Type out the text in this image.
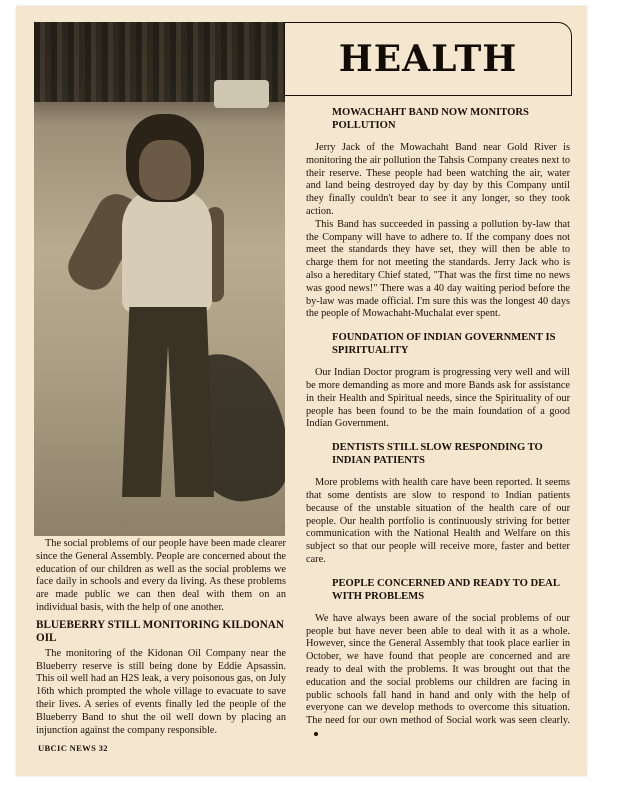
HEALTH
MOWACHAHT BAND NOW MONITORS POLLUTION

Jerry Jack of the Mowachaht Band near Gold River is monitoring the air pollution the Tahsis Company creates next to their reserve. These people had been watching the air, water and land being destroyed day by day by this Company until they finally couldn't bear to see it any longer, so they took action.

This Band has succeeded in passing a pollution by-law that the Company will have to adhere to. If the company does not meet the standards they have set, they will then be able to charge them for not meeting the standards. Jerry Jack who is also a hereditary Chief stated, "That was the first time no news was good news!" There was a 40 day waiting period before the by-law was made official. I'm sure this was the longest 40 days the people of Mowachaht-Muchalat ever spent.

FOUNDATION OF INDIAN GOVERNMENT IS SPIRITUALITY

Our Indian Doctor program is progressing very well and will be more demanding as more and more Bands ask for assistance in their Health and Spiritual needs, since the Spirituality of our people has been found to be the main foundation of a good Indian Government.

DENTISTS STILL SLOW RESPONDING TO INDIAN PATIENTS

More problems with health care have been reported. It seems that some dentists are slow to respond to Indian patients because of the unstable situation of the health care of our people. Our health portfolio is continuously striving for better communication with the National Health and Welfare on this subject so that our people will receive more, faster and better care.

PEOPLE CONCERNED AND READY TO DEAL WITH PROBLEMS

We have always been aware of the social problems of our people but have never been able to deal with it as a whole. However, since the General Assembly that took place earlier in October, we have found that people are concerned and are ready to deal with the problems. It was brought out that the education and the social problems our children are facing in public schools fall hand in hand and only with the help of everyone can we develop methods to overcome this situation. The need for our own method of Social work was seen clearly.

The social problems of our people have been made clearer since the General Assembly. People are concerned about the education of our children as well as the social problems we face daily in schools and every da living. As these problems are made public we can then deal with them on an individual basis, with the help of one another.

BLUEBERRY STILL MONITORING KILDONAN OIL

The monitoring of the Kidonan Oil Company near the Blueberry reserve is still being done by Eddie Apsassin. This oil well had an H2S leak, a very poisonous gas, on July 16th which prompted the whole village to evacuate to save their lives. A series of events finally led the people of the Blueberry Band to shut the oil well down by placing an injunction against the company responsible.

UBCIC NEWS 32
